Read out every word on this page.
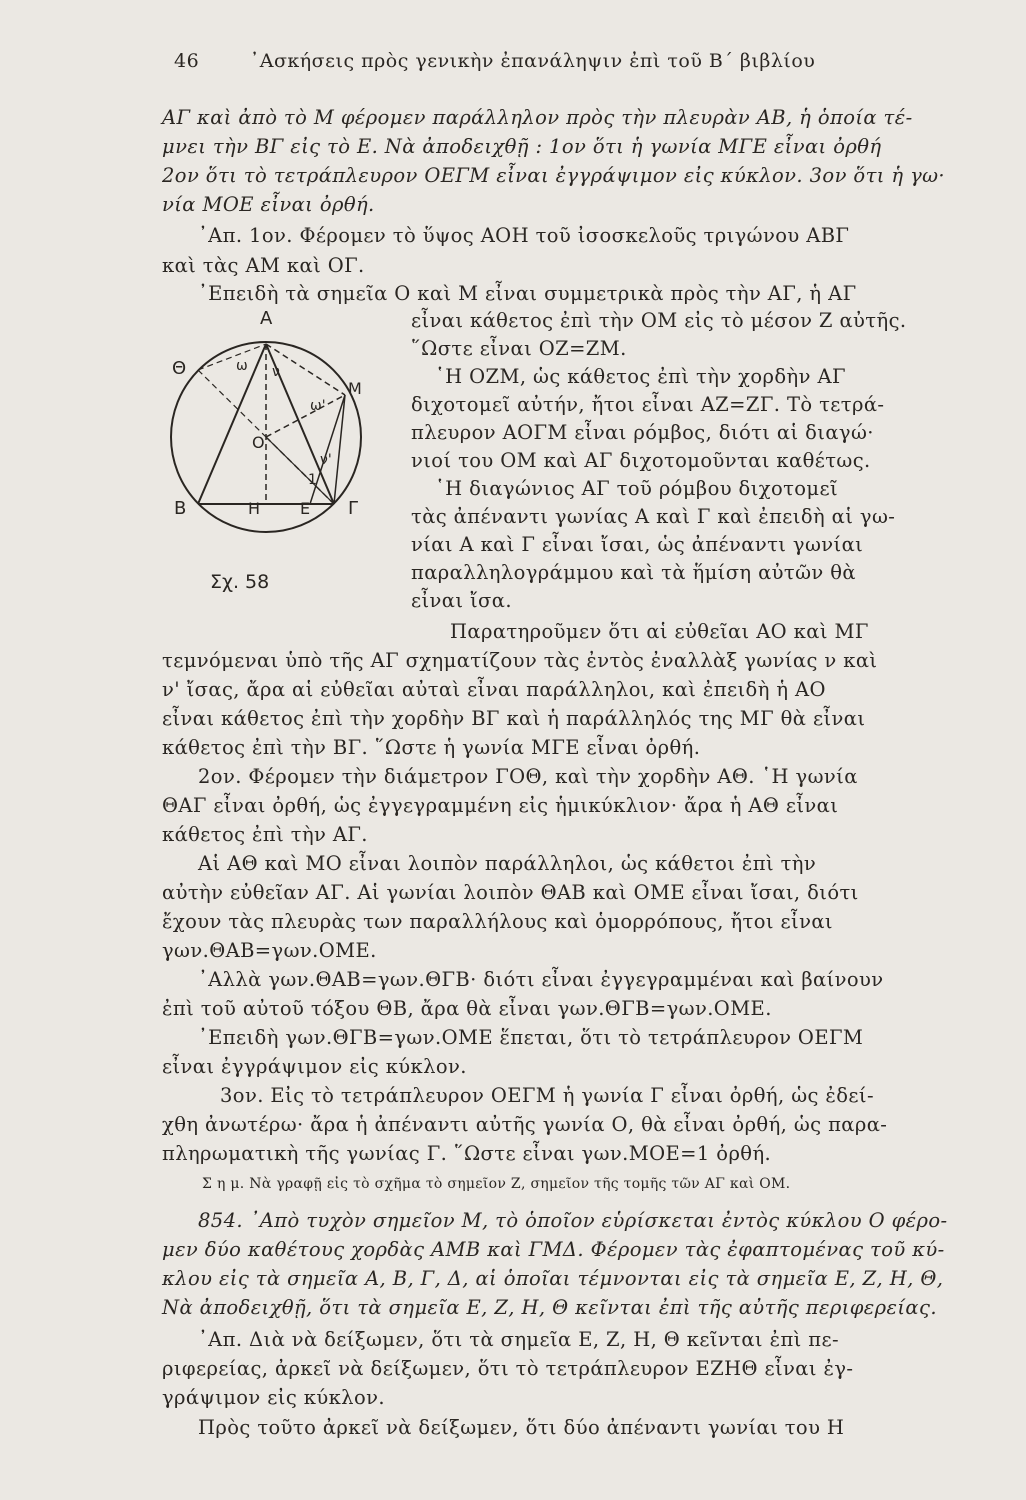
46	᾿Ασκήσεις πρὸς γενικὴν ἐπανάληψιν ἐπὶ τοῦ Β΄ βιβλίου
ΑΓ καὶ ἀπὸ τὸ Μ φέρομεν παράλληλον πρὸς τὴν πλευρὰν ΑΒ, ἡ ὁποία τέ-
μνει τὴν ΒΓ εἰς τὸ Ε. Νὰ ἀποδειχθῇ : 1ον ὅτι ἡ γωνία ΜΓΕ εἶναι ὀρθή
2ον ὅτι τὸ τετράπλευρον ΟΕΓΜ εἶναι ἐγγράψιμον εἰς κύκλον. 3ον ὅτι ἡ γω·
νία ΜΟΕ εἶναι ὀρθή.
᾿Απ. 1ον. Φέρομεν τὸ ὕψος ΑΟΗ τοῦ ἰσοσκελοῦς τριγώνου ΑΒΓ
καὶ τὰς ΑΜ καὶ ΟΓ.
᾿Επειδὴ τὰ σημεῖα Ο καὶ Μ εἶναι συμμετρικὰ πρὸς τὴν ΑΓ, ἡ ΑΓ
εἶναι κάθετος ἐπὶ τὴν ΟΜ εἰς τὸ μέσον Ζ αὐτῆς.
῞Ωστε εἶναι ΟΖ=ΖΜ.
῾Η ΟΖΜ, ὡς κάθετος ἐπὶ τὴν χορδὴν ΑΓ
διχοτομεῖ αὐτήν, ἤτοι εἶναι ΑΖ=ΖΓ. Τὸ τετρά-
πλευρον ΑΟΓΜ εἶναι ρόμβος, διότι αἱ διαγώ·
νιοί του ΟΜ καὶ ΑΓ διχοτομοῦνται καθέτως.
῾Η διαγώνιος ΑΓ τοῦ ρόμβου διχοτομεῖ
τὰς ἀπέναντι γωνίας Α καὶ Γ καὶ ἐπειδὴ αἱ γω-
νίαι Α καὶ Γ εἶναι ἴσαι, ὡς ἀπέναντι γωνίαι
παραλληλογράμμου καὶ τὰ ἥμίση αὐτῶν θὰ
εἶναι ἴσα.
Παρατηροῦμεν ὅτι αἱ εὐθεῖαι ΑΟ καὶ ΜΓ
τεμνόμεναι ὑπὸ τῆς ΑΓ σχηματίζουν τὰς ἐντὸς ἐναλλὰξ γωνίας ν καὶ
ν' ἴσας, ἄρα αἱ εὐθεῖαι αὐταὶ εἶναι παράλληλοι, καὶ ἐπειδὴ ἡ ΑΟ
εἶναι κάθετος ἐπὶ τὴν χορδὴν ΒΓ καὶ ἡ παράλληλός της ΜΓ θὰ εἶναι
κάθετος ἐπὶ τὴν ΒΓ. ῞Ωστε ἡ γωνία ΜΓΕ εἶναι ὀρθή.
2ον. Φέρομεν τὴν διάμετρον ΓΟΘ, καὶ τὴν χορδὴν ΑΘ. ῾Η γωνία
ΘΑΓ εἶναι ὀρθή, ὡς ἐγγεγραμμένη εἰς ἡμικύκλιον· ἄρα ἡ ΑΘ εἶναι
κάθετος ἐπὶ τὴν ΑΓ.
Αἱ ΑΘ καὶ ΜΟ εἶναι λοιπὸν παράλληλοι, ὡς κάθετοι ἐπὶ τὴν
αὐτὴν εὐθεῖαν ΑΓ. Αἱ γωνίαι λοιπὸν ΘΑΒ καὶ ΟΜΕ εἶναι ἴσαι, διότι
ἔχουν τὰς πλευρὰς των παραλλήλους καὶ ὁμορρόπους, ἤτοι εἶναι
γων.ΘΑΒ=γων.ΟΜΕ.
᾿Αλλὰ γων.ΘΑΒ=γων.ΘΓΒ· διότι εἶναι ἐγγεγραμμέναι καὶ βαίνουν
ἐπὶ τοῦ αὐτοῦ τόξου ΘΒ, ἄρα θὰ εἶναι γων.ΘΓΒ=γων.ΟΜΕ.
᾿Επειδὴ γων.ΘΓΒ=γων.ΟΜΕ ἕπεται, ὅτι τὸ τετράπλευρον ΟΕΓΜ
εἶναι ἐγγράψιμον εἰς κύκλον.
3ον. Εἰς τὸ τετράπλευρον ΟΕΓΜ ἡ γωνία Γ εἶναι ὀρθή, ὡς ἐδεί-
χθη ἀνωτέρω· ἄρα ἡ ἀπέναντι αὐτῆς γωνία Ο, θὰ εἶναι ὀρθή, ὡς παρα-
πληρωματικὴ τῆς γωνίας Γ. ῞Ωστε εἶναι γων.ΜΟΕ=1 ὀρθή.
Σ η μ. Νὰ γραφῇ εἰς τὸ σχῆμα τὸ σημεῖον Ζ, σημεῖον τῆς τομῆς τῶν ΑΓ καὶ ΟΜ.
854. ᾿Απὸ τυχὸν σημεῖον Μ, τὸ ὁποῖον εὑρίσκεται ἐντὸς κύκλου Ο φέρο-
μεν δύο καθέτους χορδὰς ΑΜΒ καὶ ΓΜΔ. Φέρομεν τὰς ἐφαπτομένας τοῦ κύ-
κλου εἰς τὰ σημεῖα Α, Β, Γ, Δ, αἱ ὁποῖαι τέμνονται εἰς τὰ σημεῖα Ε, Ζ, Η, Θ,
Νὰ ἀποδειχθῇ, ὅτι τὰ σημεῖα Ε, Ζ, Η, Θ κεῖνται ἐπὶ τῆς αὐτῆς περιφερείας.
᾿Απ. Διὰ νὰ δείξωμεν, ὅτι τὰ σημεῖα Ε, Ζ, Η, Θ κεῖνται ἐπὶ πε-
ριφερείας, ἀρκεῖ νὰ δείξωμεν, ὅτι τὸ τετράπλευρον ΕΖΗΘ εἶναι ἐγ-
γράψιμον εἰς κύκλον.
Πρὸς τοῦτο ἀρκεῖ νὰ δείξωμεν, ὅτι δύο ἀπέναντι γωνίαι του Η
Α
Θ
Β	Γ
Η Ε
Ο
Μ
ω
ω'
ν
ν'
1
Σχ. 58
